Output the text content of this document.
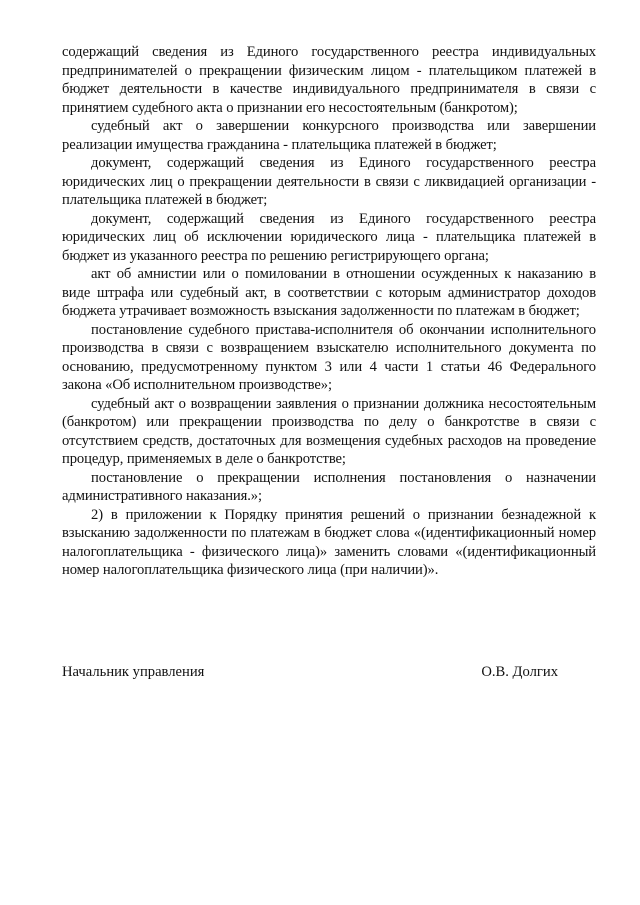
содержащий сведения из Единого государственного реестра индивидуальных предпринимателей о прекращении физическим лицом - плательщиком платежей в бюджет деятельности в качестве индивидуального предпринимателя в связи с принятием судебного акта о признании его несостоятельным (банкротом);

судебный акт о завершении конкурсного производства или завершении реализации имущества гражданина - плательщика платежей в бюджет;

документ, содержащий сведения из Единого государственного реестра юридических лиц о прекращении деятельности в связи с ликвидацией организации - плательщика платежей в бюджет;

документ, содержащий сведения из Единого государственного реестра юридических лиц об исключении юридического лица - плательщика платежей в бюджет из указанного реестра по решению регистрирующего органа;

акт об амнистии или о помиловании в отношении осужденных к наказанию в виде штрафа или судебный акт, в соответствии с которым администратор доходов бюджета утрачивает возможность взыскания задолженности по платежам в бюджет;

постановление судебного пристава-исполнителя об окончании исполнительного производства в связи с возвращением взыскателю исполнительного документа по основанию, предусмотренному пунктом 3 или 4 части 1 статьи 46 Федерального закона «Об исполнительном производстве»;

судебный акт о возвращении заявления о признании должника несостоятельным (банкротом) или прекращении производства по делу о банкротстве в связи с отсутствием средств, достаточных для возмещения судебных расходов на проведение процедур, применяемых в деле о банкротстве;

постановление о прекращении исполнения постановления о назначении административного наказания.»;

2) в приложении к Порядку принятия решений о признании безнадежной к взысканию задолженности по платежам в бюджет слова «(идентификационный номер налогоплательщика - физического лица)» заменить словами «(идентификационный номер налогоплательщика физического лица (при наличии)».

Начальник управления	О.В. Долгих
